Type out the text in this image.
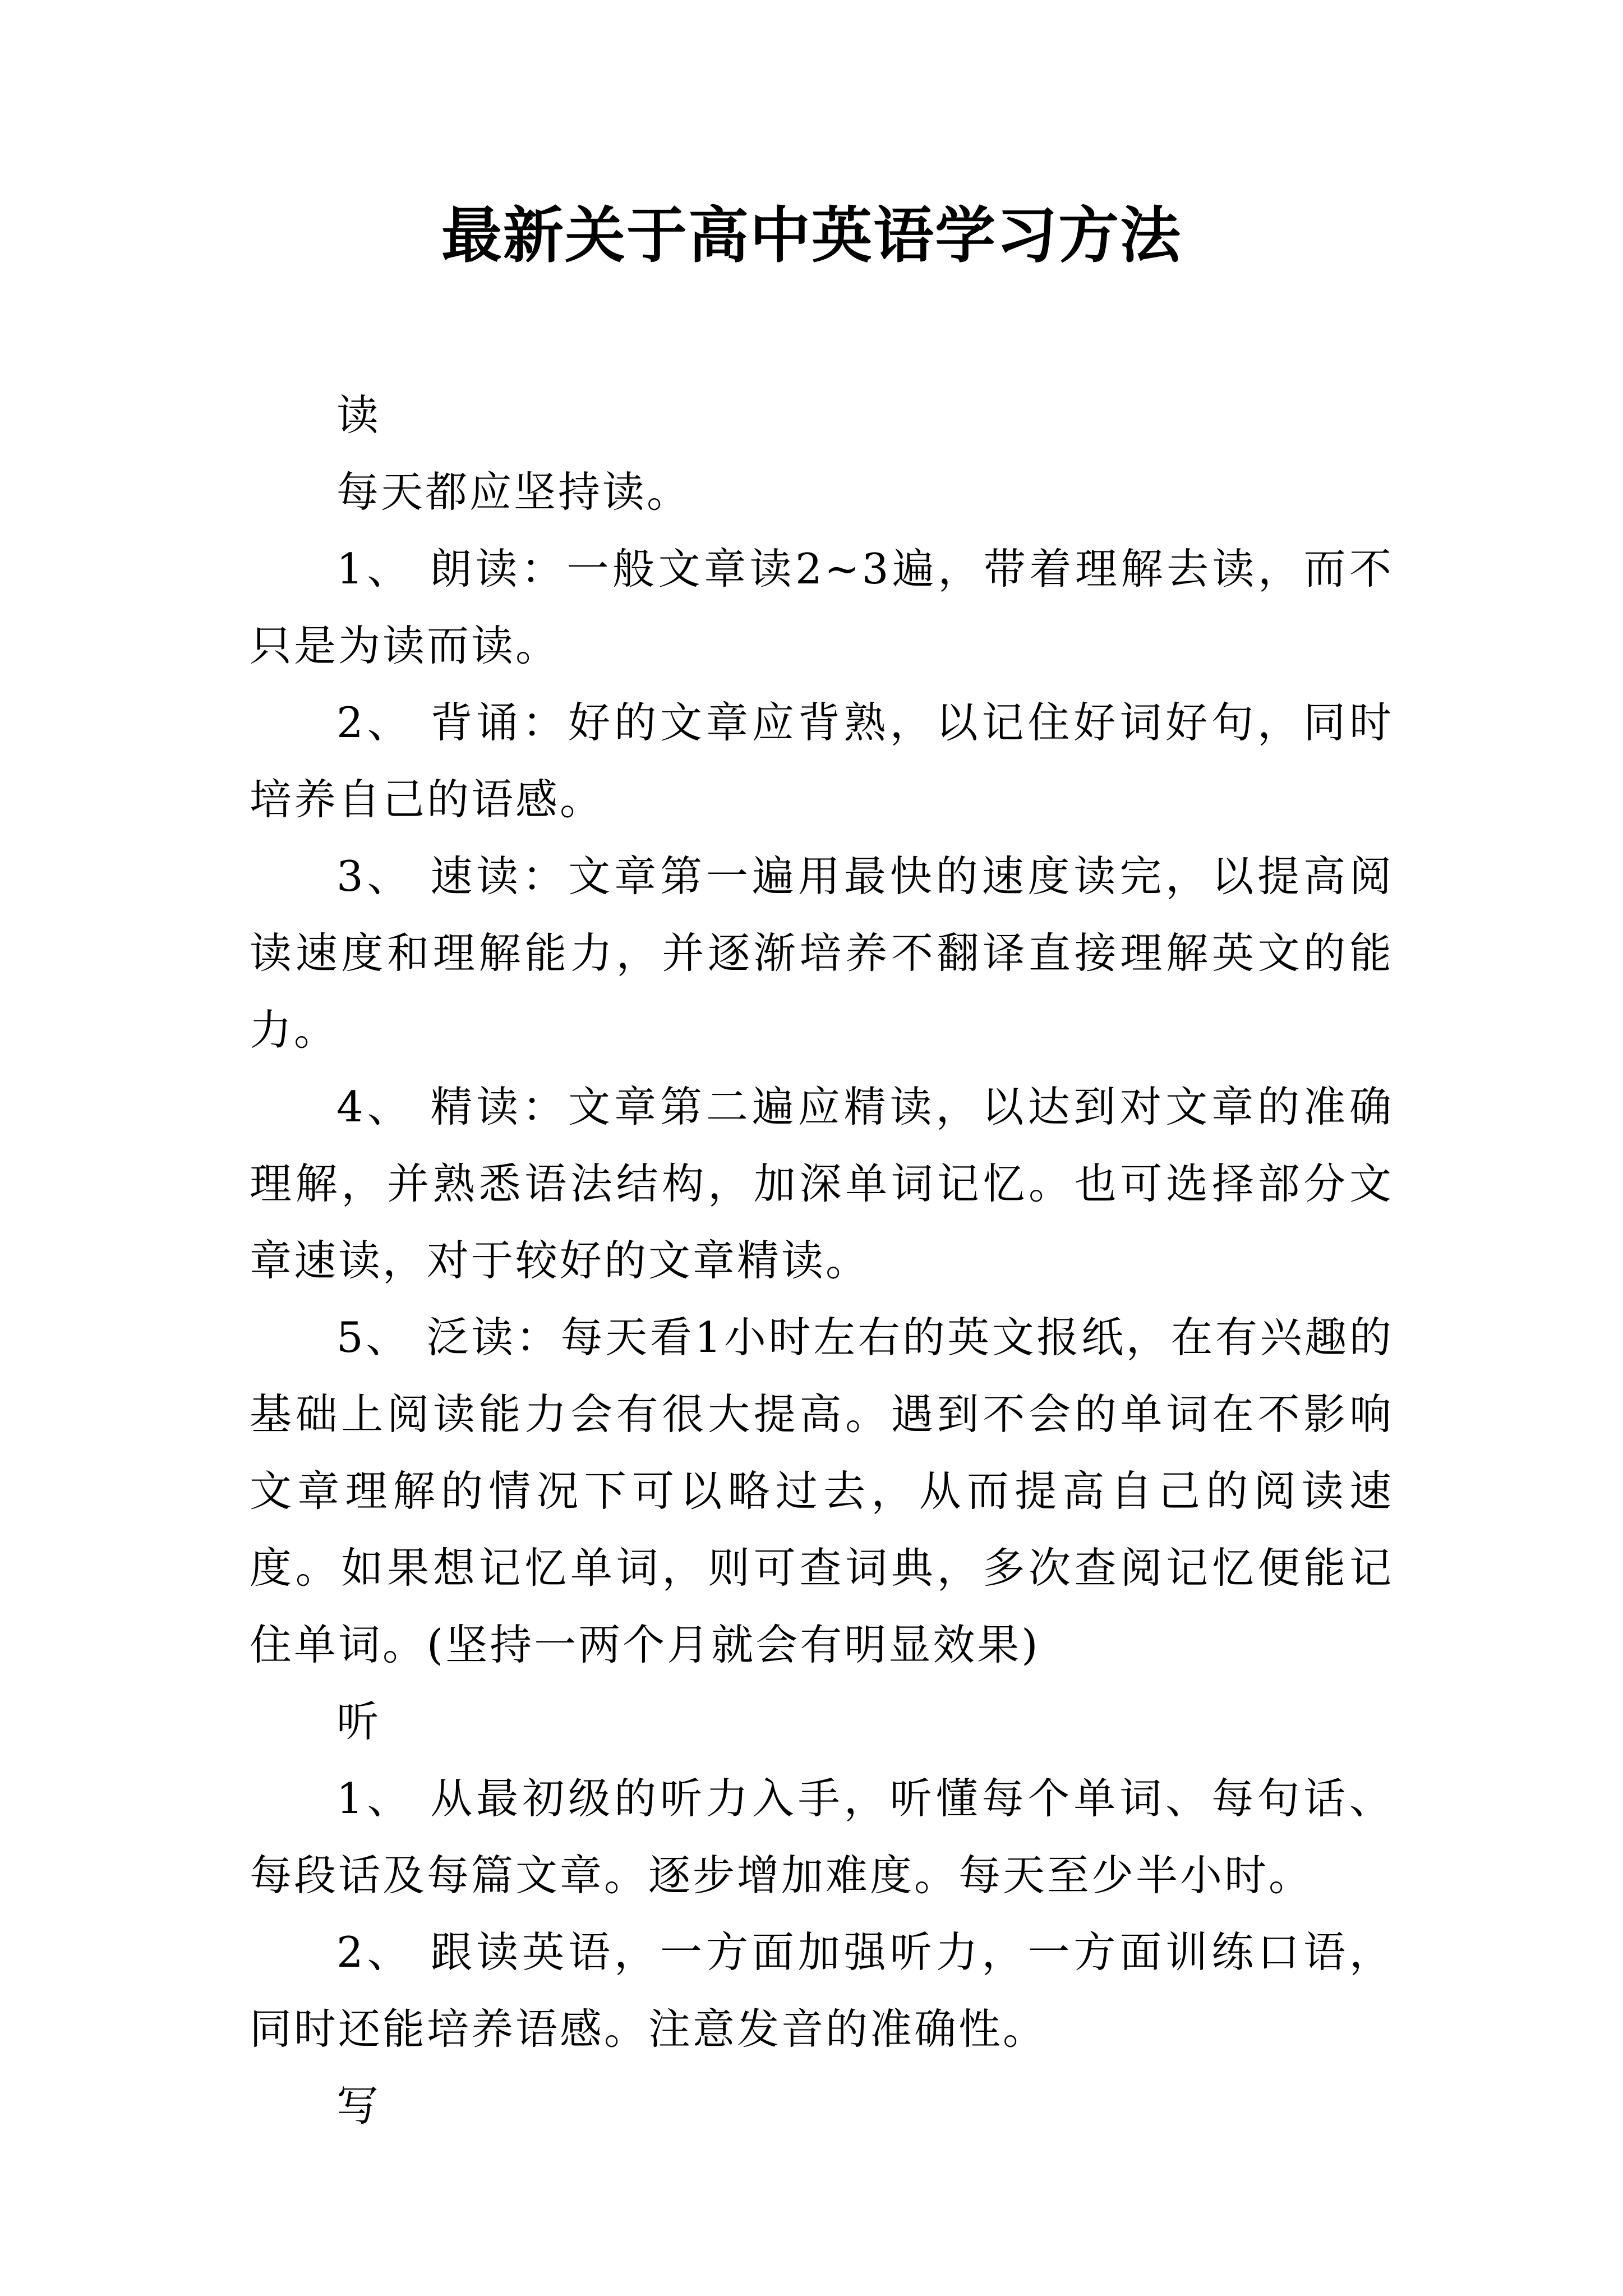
最新关于高中英语学习方法

读

每天都应坚持读。

1、 朗读：一般文章读2~3遍，带着理解去读，而不只是为读而读。

2、 背诵：好的文章应背熟，以记住好词好句，同时培养自己的语感。

3、 速读：文章第一遍用最快的速度读完，以提高阅读速度和理解能力，并逐渐培养不翻译直接理解英文的能力。

4、 精读：文章第二遍应精读，以达到对文章的准确理解，并熟悉语法结构，加深单词记忆。也可选择部分文章速读，对于较好的文章精读。

5、 泛读：每天看1小时左右的英文报纸，在有兴趣的基础上阅读能力会有很大提高。遇到不会的单词在不影响文章理解的情况下可以略过去，从而提高自己的阅读速度。如果想记忆单词，则可查词典，多次查阅记忆便能记住单词。(坚持一两个月就会有明显效果)

听

1、 从最初级的听力入手，听懂每个单词、每句话、每段话及每篇文章。逐步增加难度。每天至少半小时。

2、 跟读英语，一方面加强听力，一方面训练口语，同时还能培养语感。注意发音的准确性。

写
